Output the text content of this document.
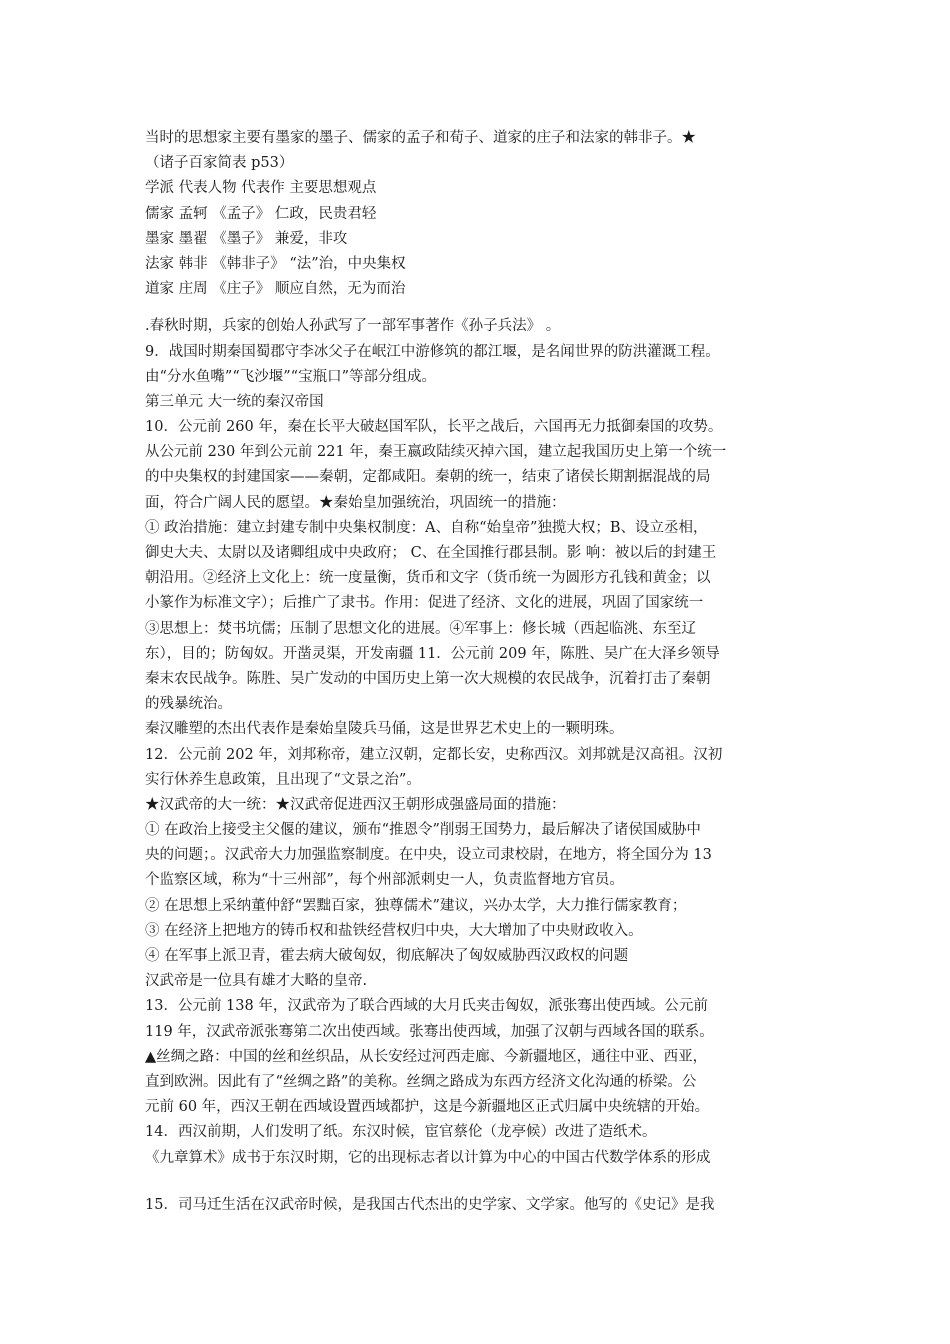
当时的思想家主要有墨家的墨子、儒家的孟子和荀子、道家的庄子和法家的韩非子。★
（诸子百家简表 p53）
学派 代表人物 代表作 主要思想观点
儒家 孟轲 《孟子》 仁政，民贵君轻
墨家 墨翟 《墨子》 兼爱，非攻
法家 韩非 《韩非子》 “法”治，中央集权
道家 庄周 《庄子》 顺应自然，无为而治
.春秋时期，兵家的创始人孙武写了一部军事著作《孙子兵法》 。
9．战国时期秦国蜀郡守李冰父子在岷江中游修筑的都江堰，是名闻世界的防洪灌溉工程。
由“分水鱼嘴”“飞沙堰”“宝瓶口”等部分组成。
第三单元 大一统的秦汉帝国
10．公元前 260 年，秦在长平大破赵国军队，长平之战后，六国再无力抵御秦国的攻势。
从公元前 230 年到公元前 221 年，秦王嬴政陆续灭掉六国，建立起我国历史上第一个统一
的中央集权的封建国家——秦朝，定都咸阳。秦朝的统一，结束了诸侯长期割据混战的局
面，符合广阔人民的愿望。★秦始皇加强统治，巩固统一的措施：
① 政治措施：建立封建专制中央集权制度：A、自称“始皇帝”独揽大权；B、设立丞相，
御史大夫、太尉以及诸卿组成中央政府； C、在全国推行郡县制。影 响：被以后的封建王
朝沿用。②经济上文化上：统一度量衡，货币和文字（货币统一为圆形方孔钱和黄金；以
小篆作为标准文字）；后推广了隶书。作用：促进了经济、文化的进展，巩固了国家统一
③思想上：焚书坑儒；压制了思想文化的进展。④军事上：修长城（西起临洮、东至辽
东），目的；防匈奴。开凿灵渠，开发南疆 11．公元前 209 年，陈胜、吴广在大泽乡领导
秦末农民战争。陈胜、吴广发动的中国历史上第一次大规模的农民战争，沉着打击了秦朝
的残暴统治。
秦汉雕塑的杰出代表作是秦始皇陵兵马俑，这是世界艺术史上的一颗明珠。
12．公元前 202 年，刘邦称帝，建立汉朝，定都长安，史称西汉。刘邦就是汉高祖。汉初
实行休养生息政策，且出现了“文景之治”。
★汉武帝的大一统：★汉武帝促进西汉王朝形成强盛局面的措施：
① 在政治上接受主父偃的建议，颁布“推恩令”削弱王国势力，最后解决了诸侯国威胁中
央的问题；。汉武帝大力加强监察制度。在中央，设立司隶校尉，在地方，将全国分为 13
个监察区域，称为“十三州部”，每个州部派刺史一人，负责监督地方官员。
② 在思想上采纳董仲舒“罢黜百家，独尊儒术”建议，兴办太学，大力推行儒家教育；
③ 在经济上把地方的铸币权和盐铁经营权归中央，大大增加了中央财政收入。
④ 在军事上派卫青，霍去病大破匈奴，彻底解决了匈奴威胁西汉政权的问题
汉武帝是一位具有雄才大略的皇帝.
13．公元前 138 年，汉武帝为了联合西域的大月氏夹击匈奴，派张骞出使西域。公元前
119 年，汉武帝派张骞第二次出使西域。张骞出使西域，加强了汉朝与西域各国的联系。
▲丝绸之路：中国的丝和丝织品，从长安经过河西走廊、今新疆地区，通往中亚、西亚，
直到欧洲。因此有了“丝绸之路”的美称。丝绸之路成为东西方经济文化沟通的桥梁。公
元前 60 年，西汉王朝在西域设置西域都护，这是今新疆地区正式归属中央统辖的开始。
14．西汉前期，人们发明了纸。东汉时候，宦官蔡伦（龙亭候）改进了造纸术。
《九章算术》成书于东汉时期，它的出现标志者以计算为中心的中国古代数学体系的形成
15．司马迁生活在汉武帝时候，是我国古代杰出的史学家、文学家。他写的《史记》是我
